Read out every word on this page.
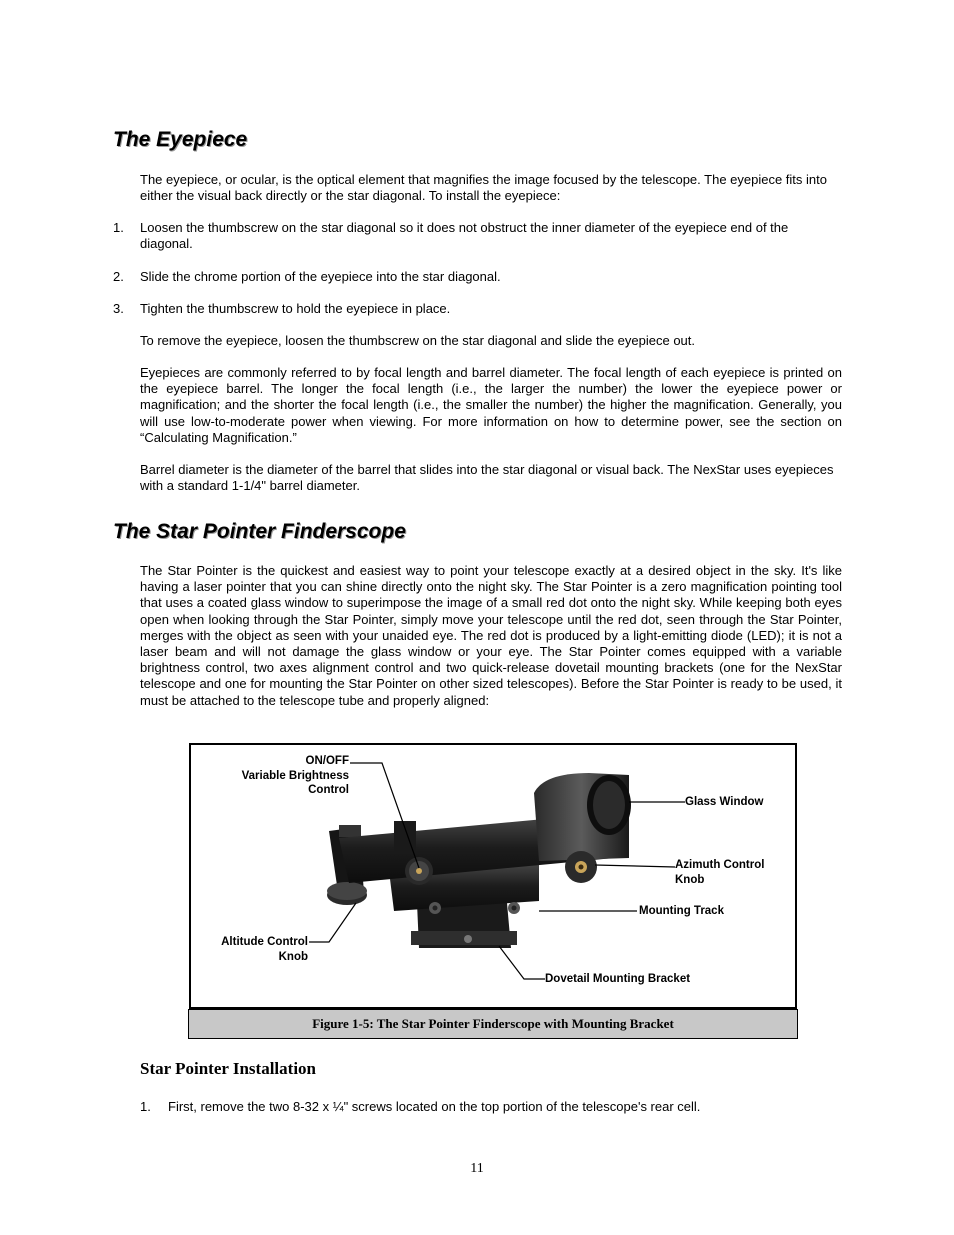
The Eyepiece
The eyepiece, or ocular, is the optical element that magnifies the image focused by the telescope. The eyepiece fits into either the visual back directly or the star diagonal. To install the eyepiece:
1. Loosen the thumbscrew on the star diagonal so it does not obstruct the inner diameter of the eyepiece end of the diagonal.
2. Slide the chrome portion of the eyepiece into the star diagonal.
3. Tighten the thumbscrew to hold the eyepiece in place.
To remove the eyepiece, loosen the thumbscrew on the star diagonal and slide the eyepiece out.
Eyepieces are commonly referred to by focal length and barrel diameter. The focal length of each eyepiece is printed on the eyepiece barrel. The longer the focal length (i.e., the larger the number) the lower the eyepiece power or magnification; and the shorter the focal length (i.e., the smaller the number) the higher the magnification. Generally, you will use low-to-moderate power when viewing. For more information on how to determine power, see the section on “Calculating Magnification.”
Barrel diameter is the diameter of the barrel that slides into the star diagonal or visual back. The NexStar uses eyepieces with a standard 1-1/4" barrel diameter.
The Star Pointer Finderscope
The Star Pointer is the quickest and easiest way to point your telescope exactly at a desired object in the sky. It's like having a laser pointer that you can shine directly onto the night sky. The Star Pointer is a zero magnification pointing tool that uses a coated glass window to superimpose the image of a small red dot onto the night sky. While keeping both eyes open when looking through the Star Pointer, simply move your telescope until the red dot, seen through the Star Pointer, merges with the object as seen with your unaided eye. The red dot is produced by a light-emitting diode (LED); it is not a laser beam and will not damage the glass window or your eye. The Star Pointer comes equipped with a variable brightness control, two axes alignment control and two quick-release dovetail mounting brackets (one for the NexStar telescope and one for mounting the Star Pointer on other sized telescopes). Before the Star Pointer is ready to be used, it must be attached to the telescope tube and properly aligned:
ON/OFF
Variable Brightness
Control
Glass Window
Azimuth Control
Knob
Mounting Track
Altitude Control
Knob
Dovetail Mounting Bracket
Figure 1-5: The Star Pointer Finderscope with Mounting Bracket
Star Pointer Installation
1. First, remove the two 8-32 x ¼" screws located on the top portion of the telescope's rear cell.
11
